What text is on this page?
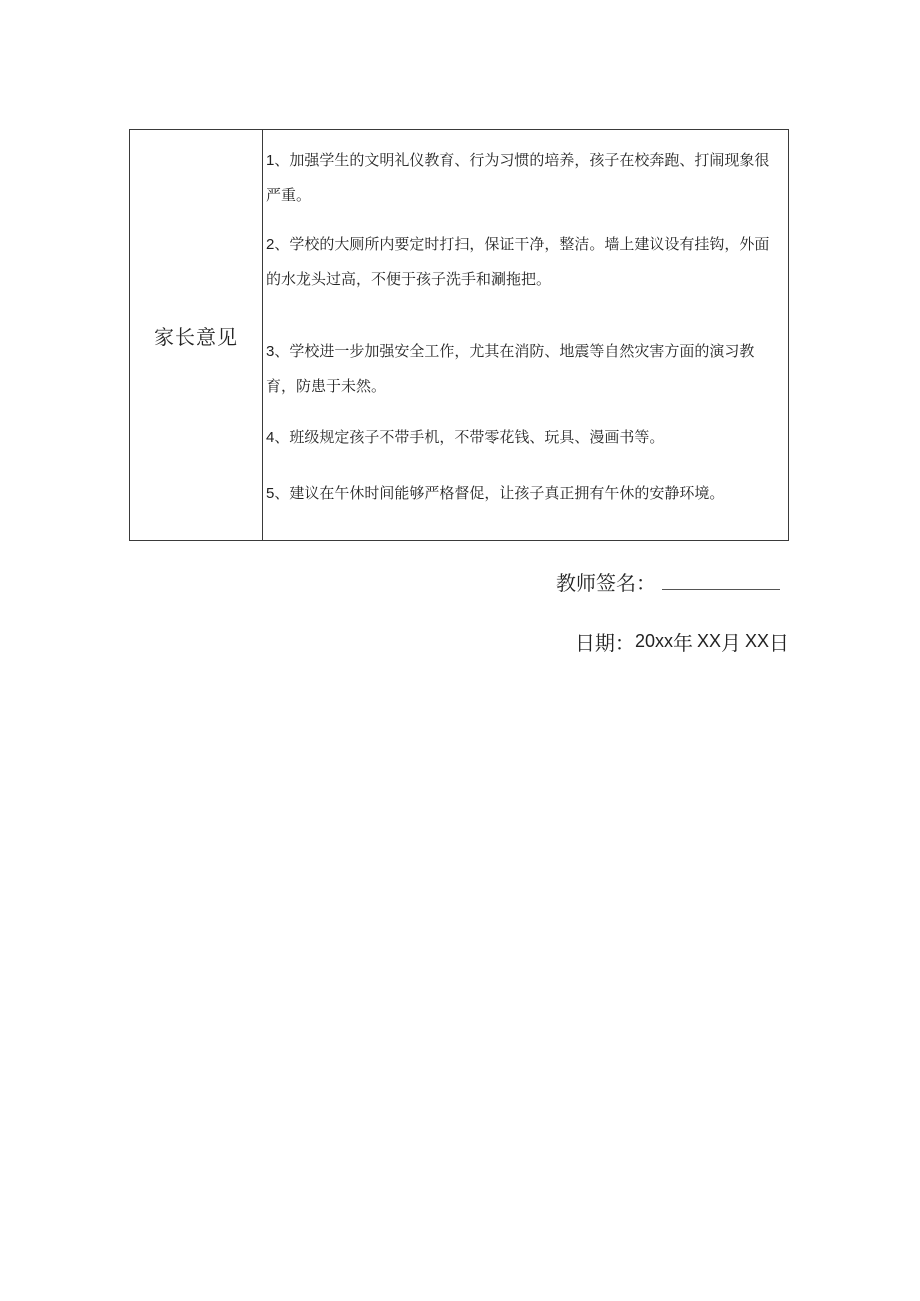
家长意见
1、加强学生的文明礼仪教育、行为习惯的培养，孩子在校奔跑、打闹现象很严重。
2、学校的大厕所内要定时打扫，保证干净，整洁。墙上建议设有挂钩，外面的水龙头过高，不便于孩子洗手和涮拖把。
3、学校进一步加强安全工作，尤其在消防、地震等自然灾害方面的演习教育，防患于未然。
4、班级规定孩子不带手机，不带零花钱、玩具、漫画书等。
5、建议在午休时间能够严格督促，让孩子真正拥有午休的安静环境。
教师签名：
日期： 20xx 年 XX 月 XX 日
